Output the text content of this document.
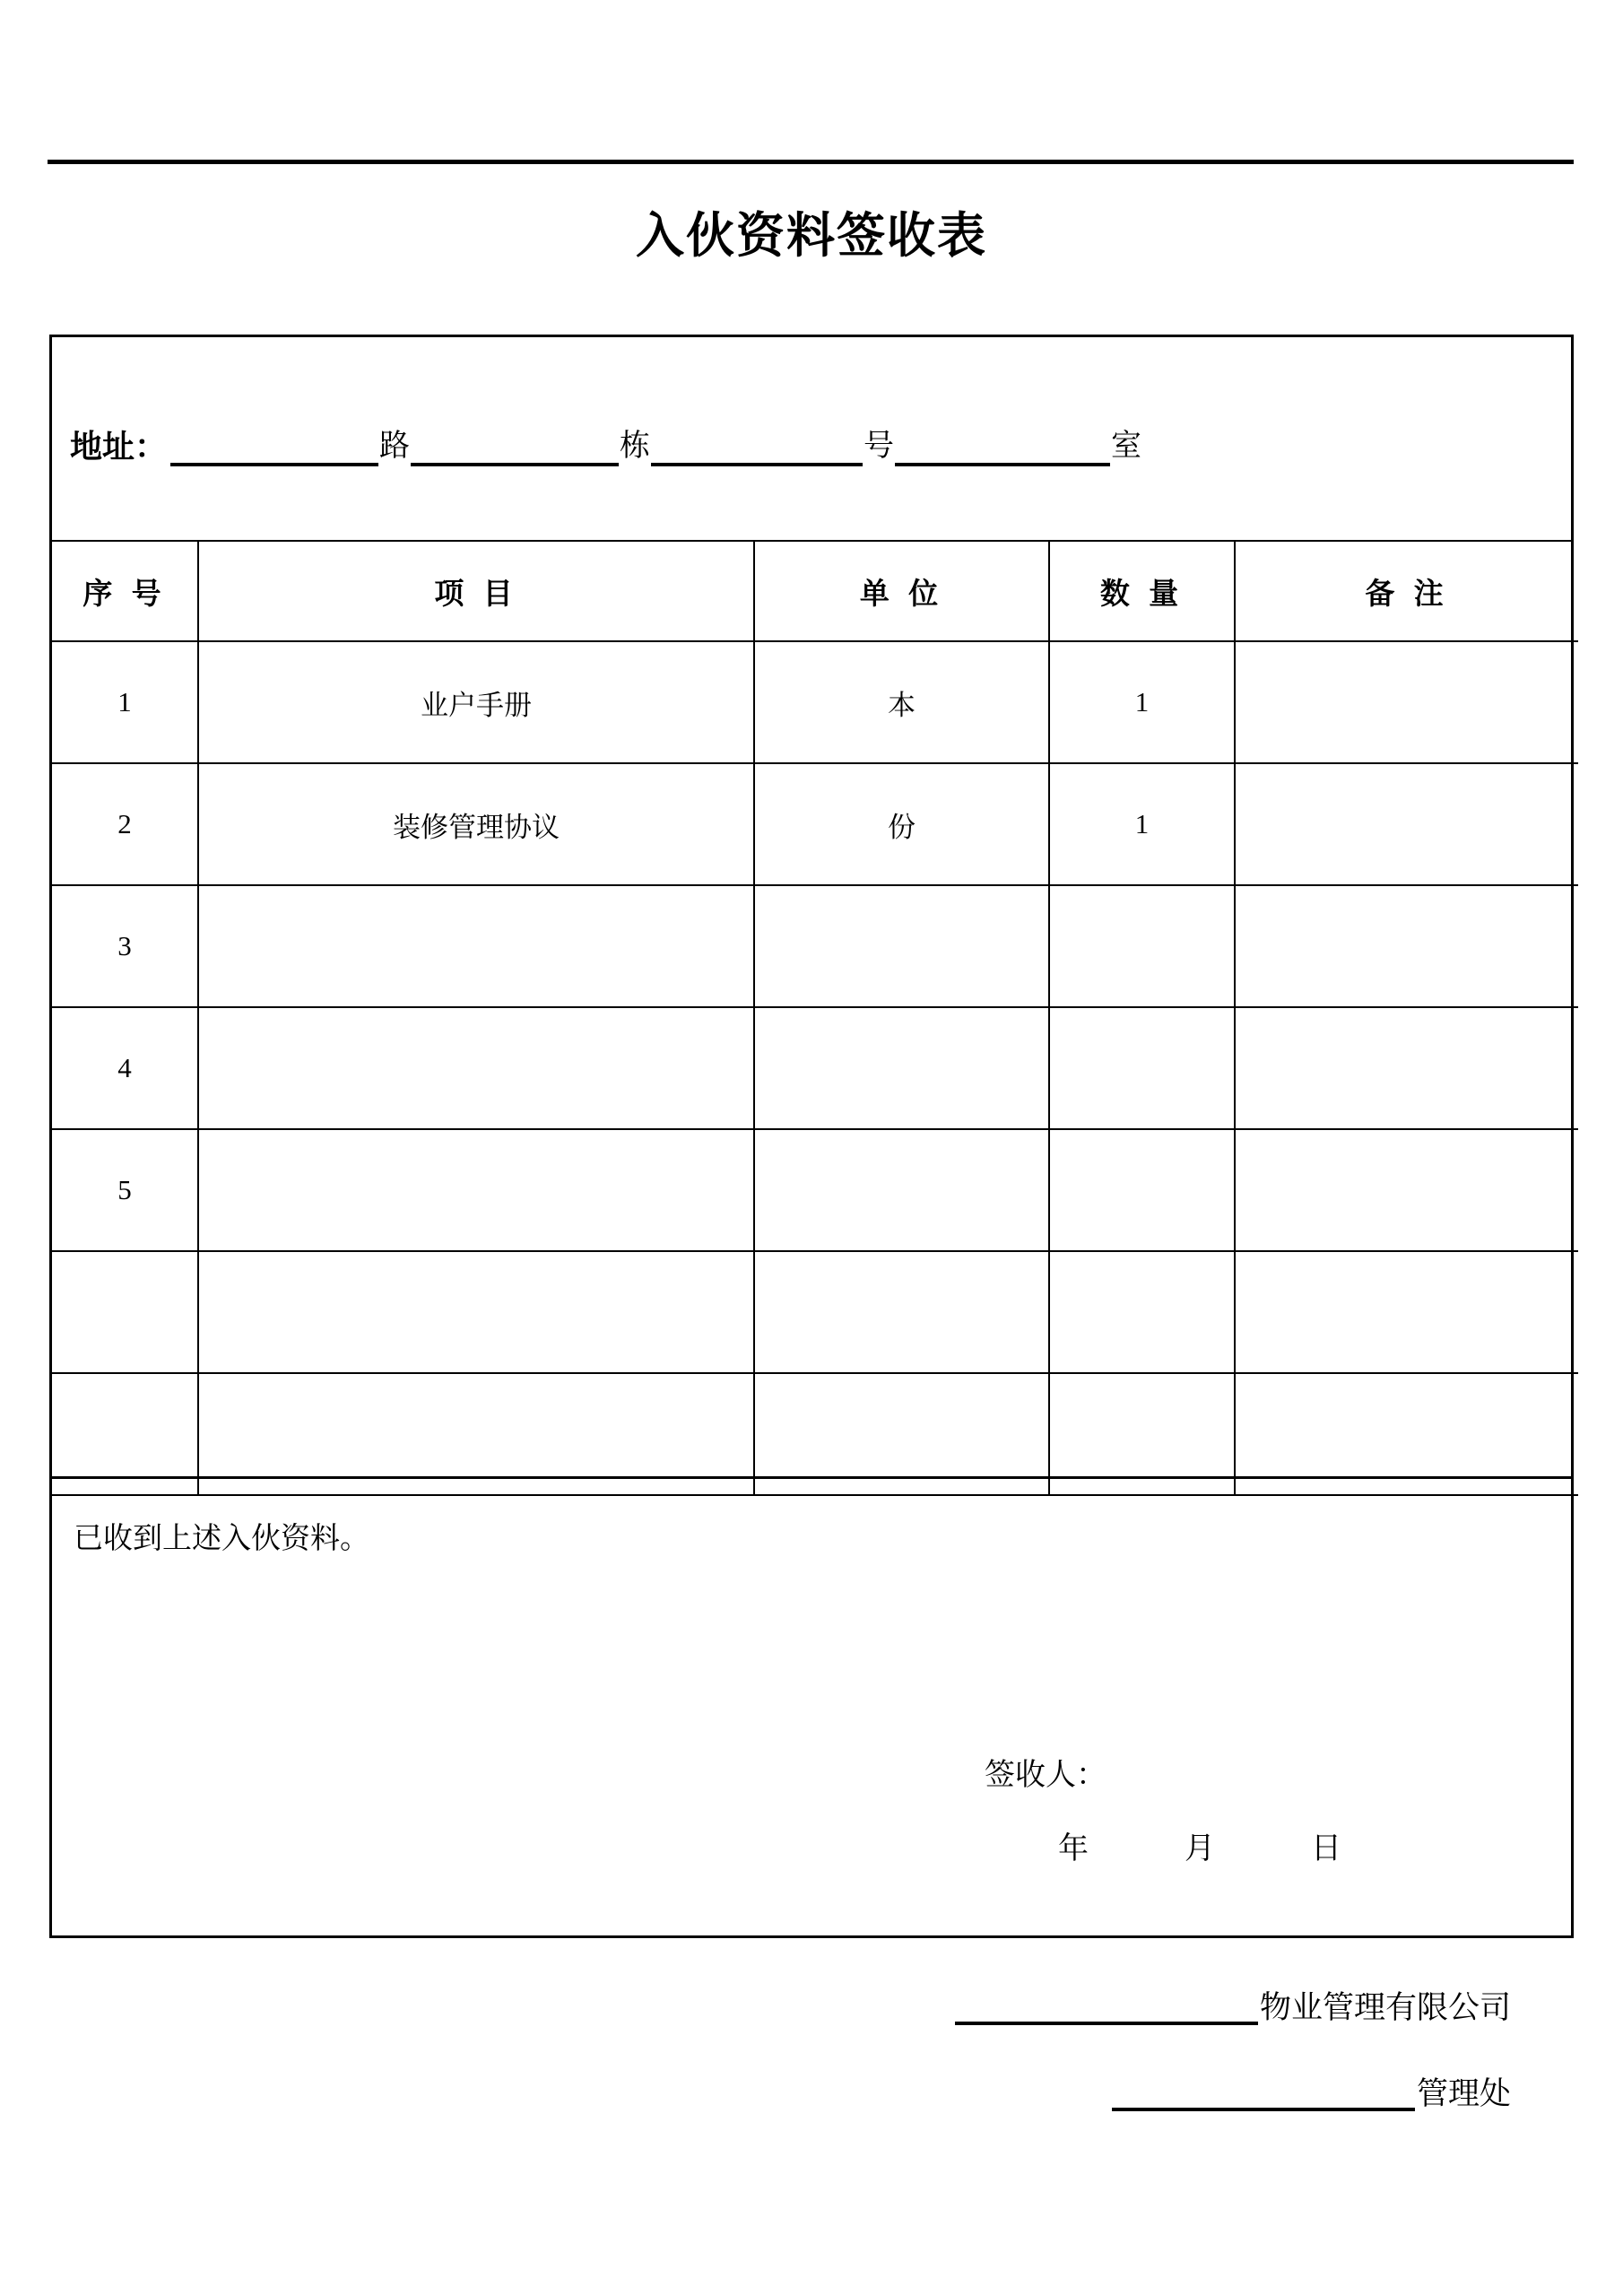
入伙资料签收表
地址：	路	栋	号	室
序 号	项 目	单 位	数 量	备 注
1	业户手册	本	1	
2	装修管理协议	份	1	
3				
4				
5				

已收到上述入伙资料。
签收人：
年	月	日
物业管理有限公司
管理处
